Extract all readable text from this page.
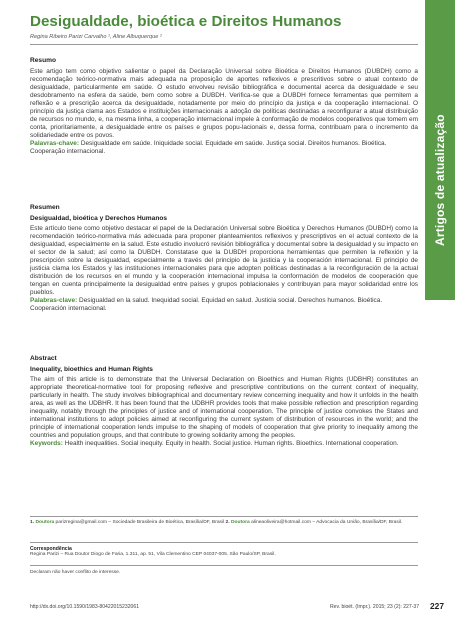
Desigualdade, bioética e Direitos Humanos
Regina Ribeiro Parizi Carvalho ¹, Aline Albuquerque ²
Artigos de atualização
Resumo
Este artigo tem como objetivo salientar o papel da Declaração Universal sobre Bioética e Direitos Humanos (DUBDH) como a recomendação teórico-normativa mais adequada na proposição de aportes reflexivos e prescritivos sobre o atual contexto de desigualdade, particularmente em saúde. O estudo envolveu revisão bibliográfica e documental acerca da desigualdade e seu desdobramento na esfera da saúde, bem como sobre a DUBDH. Verifica-se que a DUBDH fornece ferramentas que permitem a reflexão e a prescrição acerca da desigualdade, notadamente por meio do princípio da justiça e da cooperação internacional. O princípio da justiça clama aos Estados e instituições internacionais a adoção de políticas destinadas a reconfigurar a atual distribuição de recursos no mundo, e, na mesma linha, a cooperação internacional impele à conformação de modelos cooperativos que tomem em conta, prioritariamente, a desigualdade entre os países e grupos popu-lacionais e, dessa forma, contribuam para o incremento da solidariedade entre os povos.
Palavras-chave: Desigualdade em saúde. Iniquidade social. Equidade em saúde. Justiça social. Direitos humanos. Bioética. Cooperação internacional.
Resumen
Desigualdad, bioética y Derechos Humanos
Este artículo tiene como objetivo destacar el papel de la Declaración Universal sobre Bioética y Derechos Humanos (DUBDH) como la recomendación teórico-normativa más adecuada para proponer planteamientos reflexivos y prescriptivos en el actual contexto de la desigualdad, especialmente en la salud. Este estudio involucró revisión bibliográfica y documental sobre la desigualdad y su impacto en el sector de la salud; así como la DUBDH. Constatase que la DUBDH proporciona herramientas que permiten la reflexión y la prescripción sobre la desigualdad, especialmente a través del principio de la justicia y la cooperación internacional. El principio de justicia clama los Estados y las instituciones internacionales para que adopten políticas destinadas a la reconfiguración de la actual distribución de los recursos en el mundo y la cooperación internacional impulsa la conformación de modelos de cooperación que tengan en cuenta principalmente la desigualdad entre países y grupos poblacionales y contribuyan para mayor solidaridad entre los pueblos.
Palabras-clave: Desigualdad en la salud. Inequidad social. Equidad en salud. Justicia social. Derechos humanos. Bioética. Cooperación internacional.
Abstract
Inequality, bioethics and Human Rights
The aim of this article is to demonstrate that the Universal Declaration on Bioethics and Human Rights (UDBHR) constitutes an appropriate theoretical-normative tool for proposing reflexive and prescriptive contributions on the current context of inequality, particularly in health. The study involves bibliographical and documentary review concerning inequality and how it unfolds in the health area, as well as the UDBHR. It has been found that the UDBHR provides tools that make possible reflection and prescription regarding inequality, notably through the principles of justice and of international cooperation. The principle of justice convokes the States and international institutions to adopt policies aimed at reconfiguring the current system of distribution of resources in the world; and the principle of international cooperation lends impulse to the shaping of models of cooperation that give priority to inequality among the countries and population groups, and that contribute to growing solidarity among the peoples.
Keywords: Health inequalities. Social inequity. Equity in health. Social justice. Human rights. Bioethics. International cooperation.
1. Doutora parizregina@gmail.com – Sociedade Brasileira de Bioética, Brasília/DF, Brasil 2. Doutora alineaoliveira@hotmail.com – Advocacia da União, Brasília/DF, Brasil.
Correspondência
Regina Parizi – Rua Doutor Diogo de Faria, 1.311, ap. 51, Vila Clementino CEP 04037-005. São Paulo/SP, Brasil.
Declaram não haver conflito de interesse.
http://dx.doi.org/10.1590/1983-80422015232061	Rev. bioét. (Impr.). 2015; 23 (2): 227-37 227
